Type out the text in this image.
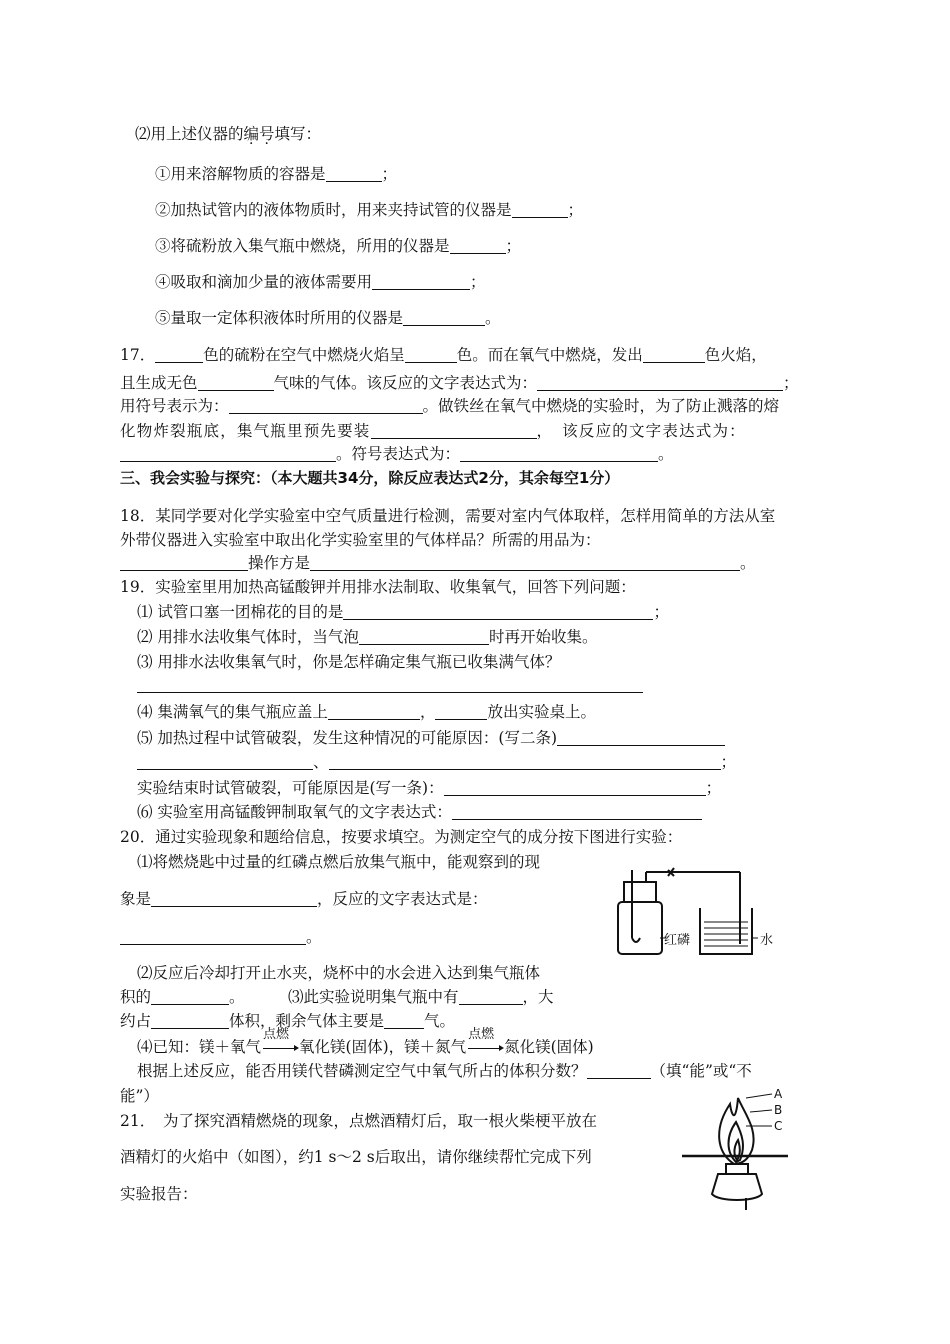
⑵用上述仪器的编号填写：
①用来溶解物质的容器是	；
②加热试管内的液体物质时，用来夹持试管的仪器是	；
③将硫粉放入集气瓶中燃烧，所用的仪器是	；
④吸取和滴加少量的液体需要用	；
⑤量取一定体积液体时所用的仪器是	。
17．	色的硫粉在空气中燃烧火焰呈	色。而在氧气中燃烧，发出	色火焰，
且生成无色	气味的气体。该反应的文字表达式为：	；
用符号表示为：	。做铁丝在氧气中燃烧的实验时，为了防止溅落的熔
化物炸裂瓶底，集气瓶里预先要装	，　该反应的文字表达式为：
。符号表达式为：	。
三、我会实验与探究：（本大题共34分，除反应表达式2分，其余每空1分）
18．某同学要对化学实验室中空气质量进行检测，需要对室内气体取样，怎样用简单的方法从室
外带仪器进入实验室中取出化学实验室里的气体样品？所需的用品为：
操作方是	。
19．实验室里用加热高锰酸钾并用排水法制取、收集氧气，回答下列问题：
⑴ 试管口塞一团棉花的目的是	；
⑵ 用排水法收集气体时，当气泡	时再开始收集。
⑶ 用排水法收集氧气时，你是怎样确定集气瓶已收集满气体？
⑷ 集满氧气的集气瓶应盖上	，	放出实验桌上。
⑸ 加热过程中试管破裂，发生这种情况的可能原因：(写二条)
、	；
实验结束时试管破裂，可能原因是(写一条)：	；
⑹ 实验室用高锰酸钾制取氧气的文字表达式：
20．通过实验现象和题给信息，按要求填空。为测定空气的成分按下图进行实验：
⑴将燃烧匙中过量的红磷点燃后放集气瓶中，能观察到的现
象是	，反应的文字表达式是：
。	红磷	水
⑵反应后冷却打开止水夹，烧杯中的水会进入达到集气瓶体
积的	。	⑶此实验说明集气瓶中有	，大
约占	体积，剩余气体主要是	气。
⑷已知：镁＋氧气
点燃
氧化镁(固体)，镁＋氮气
点燃
氮化镁(固体)
根据上述反应，能否用镁代替磷测定空气中氧气所占的体积分数？	（填“能”或“不
能”）
21．　为了探究酒精燃烧的现象，点燃酒精灯后，取一根火柴梗平放在
酒精灯的火焰中（如图），约1 s～2 s后取出，请你继续帮忙完成下列
实验报告：
A
B
C
